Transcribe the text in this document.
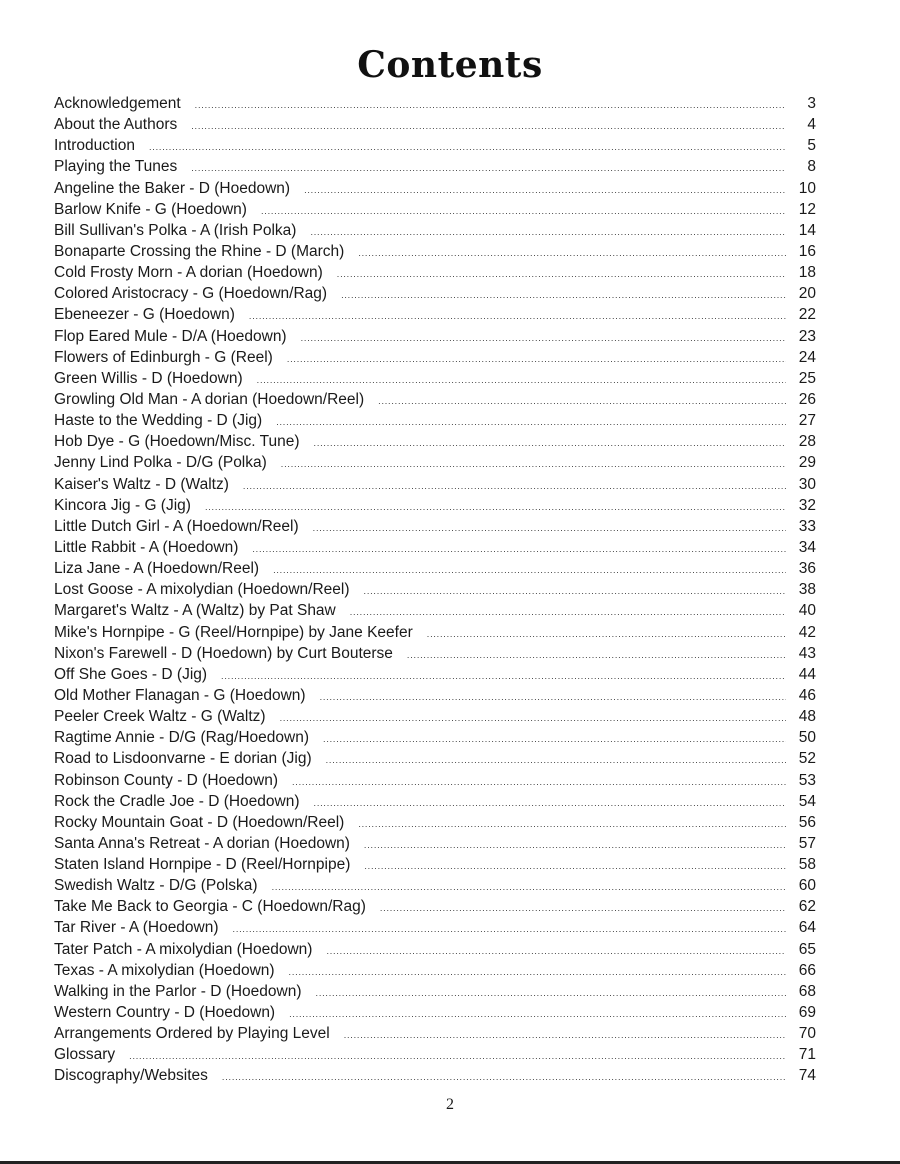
Contents
Acknowledgement .....	3
About the Authors .....	4
Introduction .....	5
Playing the Tunes .....	8
Angeline the Baker - D (Hoedown) .....	10
Barlow Knife - G (Hoedown) .....	12
Bill Sullivan's Polka - A (Irish Polka) .....	14
Bonaparte Crossing the Rhine - D (March) .....	16
Cold Frosty Morn - A dorian (Hoedown) .....	18
Colored Aristocracy - G (Hoedown/Rag) .....	20
Ebeneezer - G (Hoedown) .....	22
Flop Eared Mule - D/A (Hoedown) .....	23
Flowers of Edinburgh - G (Reel) .....	24
Green Willis - D (Hoedown) .....	25
Growling Old Man - A dorian (Hoedown/Reel) .....	26
Haste to the Wedding - D (Jig) .....	27
Hob Dye - G (Hoedown/Misc. Tune) .....	28
Jenny Lind Polka - D/G (Polka) .....	29
Kaiser's Waltz - D (Waltz) .....	30
Kincora Jig - G (Jig) .....	32
Little Dutch Girl - A (Hoedown/Reel) .....	33
Little Rabbit - A (Hoedown) .....	34
Liza Jane - A (Hoedown/Reel) .....	36
Lost Goose - A mixolydian (Hoedown/Reel) .....	38
Margaret's Waltz - A (Waltz) by Pat Shaw .....	40
Mike's Hornpipe - G (Reel/Hornpipe) by Jane Keefer .....	42
Nixon's Farewell - D (Hoedown) by Curt Bouterse .....	43
Off She Goes - D (Jig) .....	44
Old Mother Flanagan - G (Hoedown) .....	46
Peeler Creek Waltz - G (Waltz) .....	48
Ragtime Annie - D/G (Rag/Hoedown) .....	50
Road to Lisdoonvarne - E dorian (Jig) .....	52
Robinson County - D (Hoedown) .....	53
Rock the Cradle Joe - D (Hoedown) .....	54
Rocky Mountain Goat - D (Hoedown/Reel) .....	56
Santa Anna's Retreat - A dorian (Hoedown) .....	57
Staten Island Hornpipe - D (Reel/Hornpipe) .....	58
Swedish Waltz - D/G (Polska) .....	60
Take Me Back to Georgia - C (Hoedown/Rag) .....	62
Tar River - A (Hoedown) .....	64
Tater Patch - A mixolydian (Hoedown) .....	65
Texas - A mixolydian (Hoedown) .....	66
Walking in the Parlor - D (Hoedown) .....	68
Western Country - D (Hoedown) .....	69
Arrangements Ordered by Playing Level .....	70
Glossary .....	71
Discography/Websites .....	74
2
